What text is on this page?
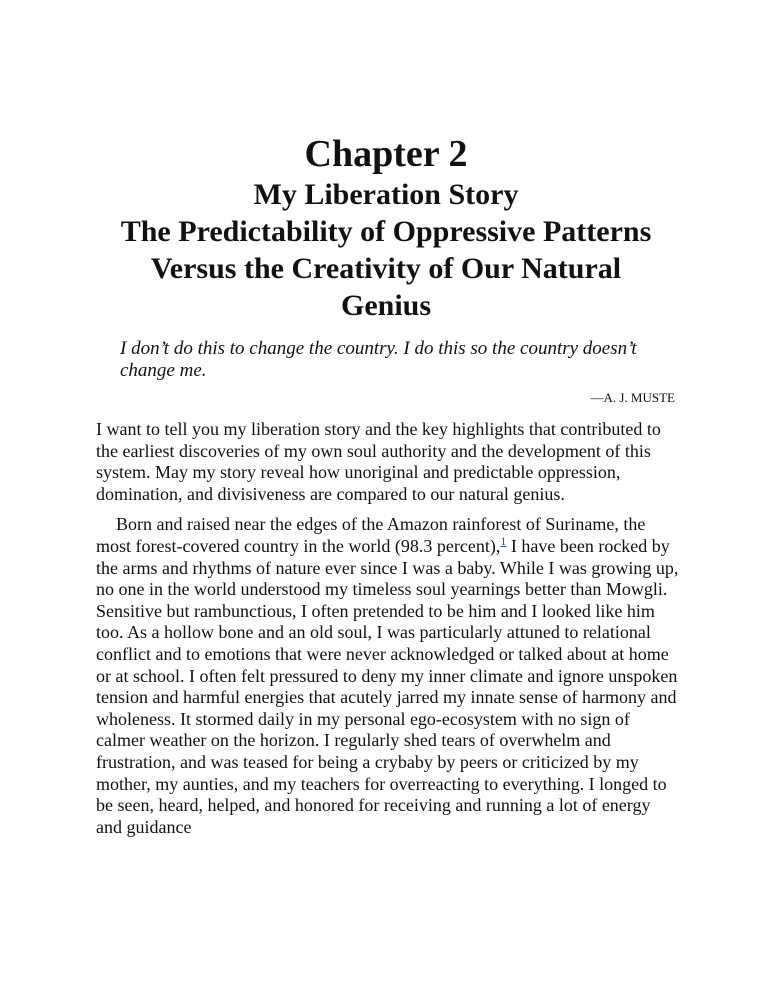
Chapter 2
My Liberation Story
The Predictability of Oppressive Patterns
Versus the Creativity of Our Natural
Genius

I don’t do this to change the country. I do this so the country doesn’t change me.

—A. J. MUSTE

I want to tell you my liberation story and the key highlights that contributed to the earliest discoveries of my own soul authority and the development of this system. May my story reveal how unoriginal and predictable oppression, domination, and divisiveness are compared to our natural genius.

Born and raised near the edges of the Amazon rainforest of Suriname, the most forest-covered country in the world (98.3 percent),$^1$ I have been rocked by the arms and rhythms of nature ever since I was a baby. While I was growing up, no one in the world understood my timeless soul yearnings better than Mowgli. Sensitive but rambunctious, I often pretended to be him and I looked like him too. As a hollow bone and an old soul, I was particularly attuned to relational conflict and to emotions that were never acknowledged or talked about at home or at school. I often felt pressured to deny my inner climate and ignore unspoken tension and harmful energies that acutely jarred my innate sense of harmony and wholeness. It stormed daily in my personal ego-ecosystem with no sign of calmer weather on the horizon. I regularly shed tears of overwhelm and frustration, and was teased for being a crybaby by peers or criticized by my mother, my aunties, and my teachers for overreacting to everything. I longed to be seen, heard, helped, and honored for receiving and running a lot of energy and guidance
